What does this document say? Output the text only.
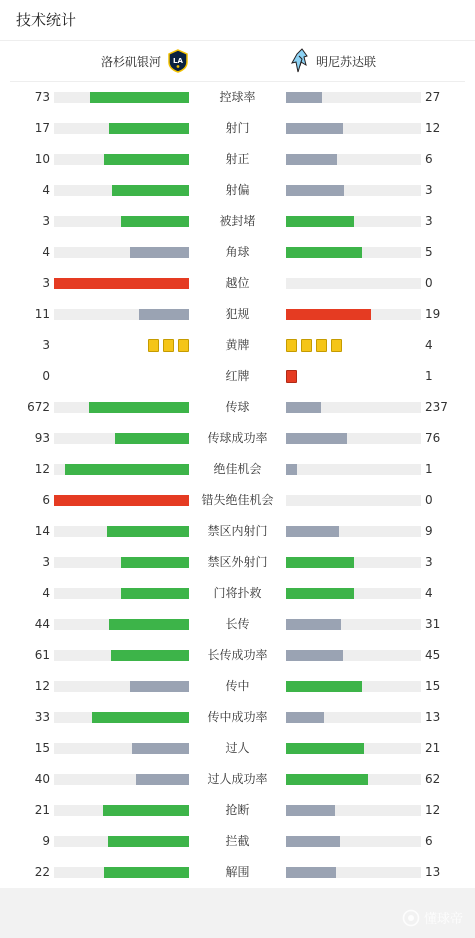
技术统计
洛杉矶银河 LA	明尼苏达联
73	控球率	27
17	射门	12
10	射正	6
4	射偏	3
3	被封堵	3
4	角球	5
3	越位	0
11	犯规	19
3	黄牌	4
0	红牌	1
672	传球	237
93	传球成功率	76
12	绝佳机会	1
6	错失绝佳机会	0
14	禁区内射门	9
3	禁区外射门	3
4	门将扑救	4
44	长传	31
61	长传成功率	45
12	传中	15
33	传中成功率	13
15	过人	21
40	过人成功率	62
21	抢断	12
9	拦截	6
22	解围	13
懂球帝
